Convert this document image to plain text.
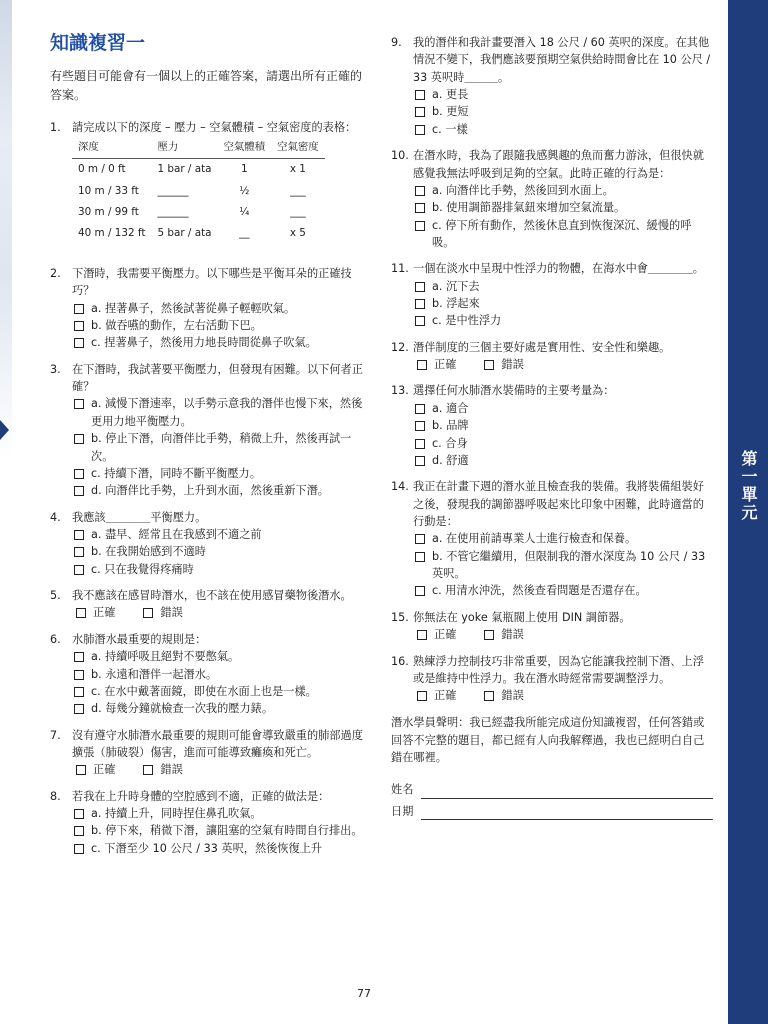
第一單元
知識複習一
有些題目可能會有一個以上的正確答案，請選出所有正確的答案。
1.	請完成以下的深度 – 壓力 – 空氣體積 – 空氣密度的表格：
深度	壓力	空氣體積	空氣密度
0 m / 0 ft	1 bar / ata	1	x 1
10 m / 33 ft	______	½	___
30 m / 99 ft	______	¼	___
40 m / 132 ft	5 bar / ata	__	x 5
2.	下潛時，我需要平衡壓力。以下哪些是平衡耳朵的正確技巧？
a. 捏著鼻子，然後試著從鼻子輕輕吹氣。
b. 做吞嚥的動作，左右活動下巴。
c. 捏著鼻子，然後用力地長時間從鼻子吹氣。
3.	在下潛時，我試著要平衡壓力，但發現有困難。以下何者正確？
a. 減慢下潛速率，以手勢示意我的潛伴也慢下來，然後更用力地平衡壓力。
b. 停止下潛，向潛伴比手勢，稍微上升，然後再試一次。
c. 持續下潛，同時不斷平衡壓力。
d. 向潛伴比手勢，上升到水面，然後重新下潛。
4.	我應該＿＿＿＿平衡壓力。
a. 盡早、經常且在我感到不適之前
b. 在我開始感到不適時
c. 只在我覺得疼痛時
5.	我不應該在感冒時潛水，也不該在使用感冒藥物後潛水。
正確	錯誤
6.	水肺潛水最重要的規則是：
a. 持續呼吸且絕對不要憋氣。
b. 永遠和潛伴一起潛水。
c. 在水中戴著面鏡，即使在水面上也是一樣。
d. 每幾分鐘就檢查一次我的壓力錶。
7.	沒有遵守水肺潛水最重要的規則可能會導致嚴重的肺部過度擴張（肺破裂）傷害，進而可能導致癱瘓和死亡。
正確	錯誤
8.	若我在上升時身體的空腔感到不適，正確的做法是：
a. 持續上升，同時捏住鼻孔吹氣。
b. 停下來，稍微下潛，讓阻塞的空氣有時間自行排出。
c. 下潛至少 10 公尺 / 33 英呎，然後恢復上升
9.	我的潛伴和我計畫要潛入 18 公尺 / 60 英呎的深度。在其他情況不變下，我們應該要預期空氣供給時間會比在 10 公尺 / 33 英呎時＿＿＿。
a. 更長
b. 更短
c. 一樣
10. 在潛水時，我為了跟隨我感興趣的魚而奮力游泳，但很快就感覺我無法呼吸到足夠的空氣。此時正確的行為是：
a. 向潛伴比手勢，然後回到水面上。
b. 使用調節器排氣鈕來增加空氣流量。
c. 停下所有動作，然後休息直到恢復深沉、緩慢的呼吸。
11. 一個在淡水中呈現中性浮力的物體，在海水中會＿＿＿＿。
a. 沉下去
b. 浮起來
c. 是中性浮力
12. 潛伴制度的三個主要好處是實用性、安全性和樂趣。
正確	錯誤
13. 選擇任何水肺潛水裝備時的主要考量為：
a. 適合
b. 品牌
c. 合身
d. 舒適
14. 我正在計畫下週的潛水並且檢查我的裝備。我將裝備組裝好之後，發現我的調節器呼吸起來比印象中困難，此時適當的行動是：
a. 在使用前請專業人士進行檢查和保養。
b. 不管它繼續用，但限制我的潛水深度為 10 公尺 / 33 英呎。
c. 用清水沖洗，然後查看問題是否還存在。
15. 你無法在 yoke 氣瓶閥上使用 DIN 調節器。
正確	錯誤
16. 熟練浮力控制技巧非常重要，因為它能讓我控制下潛、上浮或是維持中性浮力。我在潛水時經常需要調整浮力。
正確	錯誤
潛水學員聲明：我已經盡我所能完成這份知識複習，任何答錯或回答不完整的題目，都已經有人向我解釋過，我也已經明白自己錯在哪裡。
姓名
日期
77
